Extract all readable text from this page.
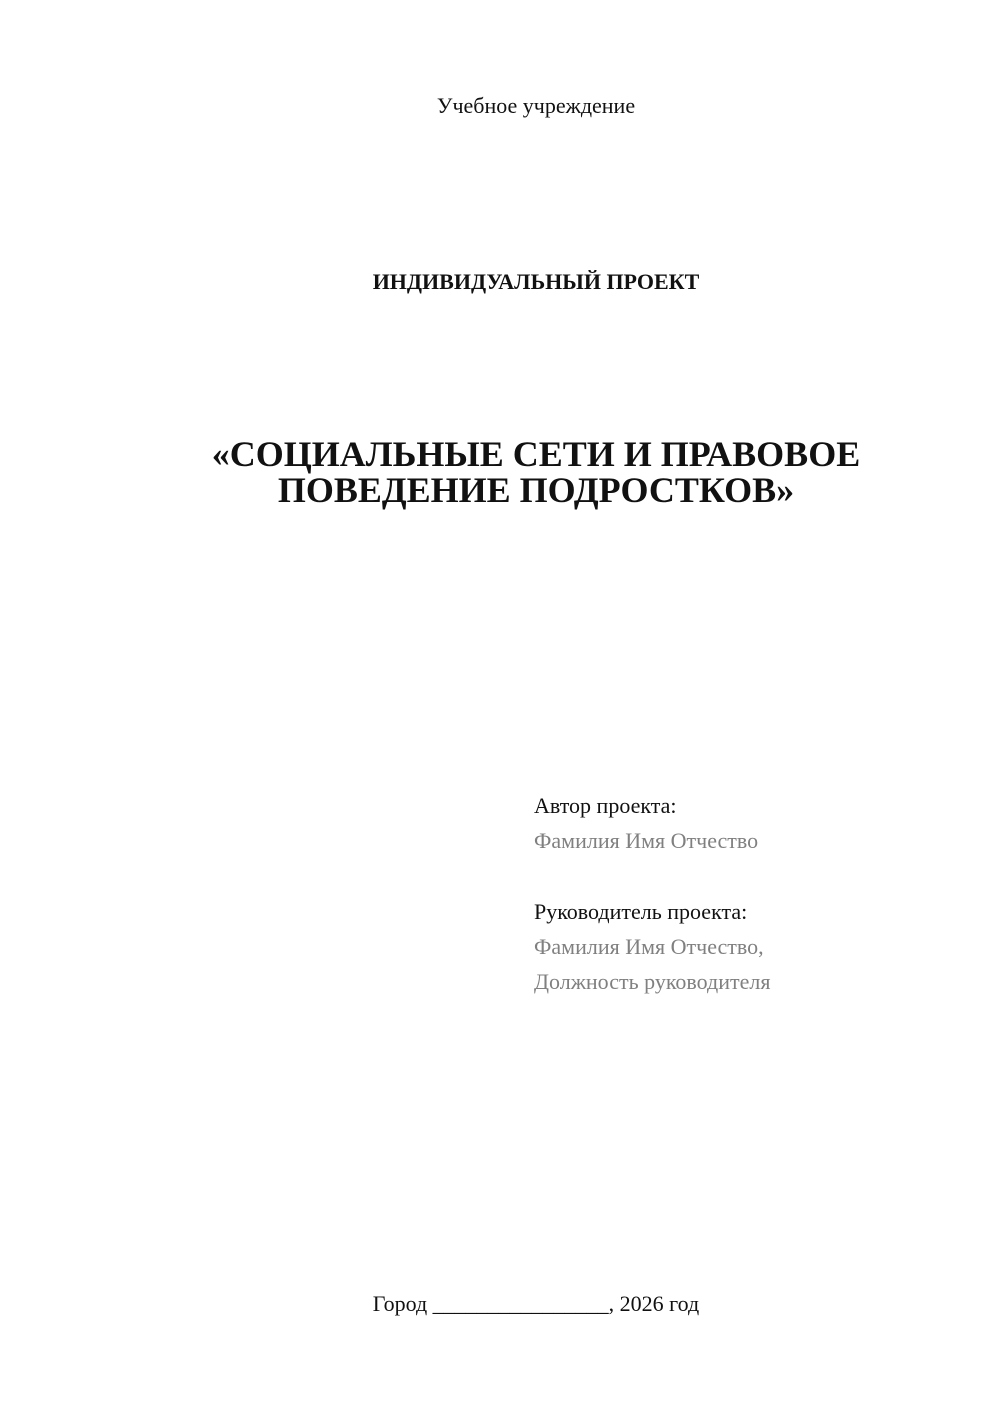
Учебное учреждение
ИНДИВИДУАЛЬНЫЙ ПРОЕКТ
«СОЦИАЛЬНЫЕ СЕТИ И ПРАВОВОЕ
ПОВЕДЕНИЕ ПОДРОСТКОВ»
Автор проекта:
Фамилия Имя Отчество
Руководитель проекта:
Фамилия Имя Отчество,
Должность руководителя
Город ________________, 2026 год
